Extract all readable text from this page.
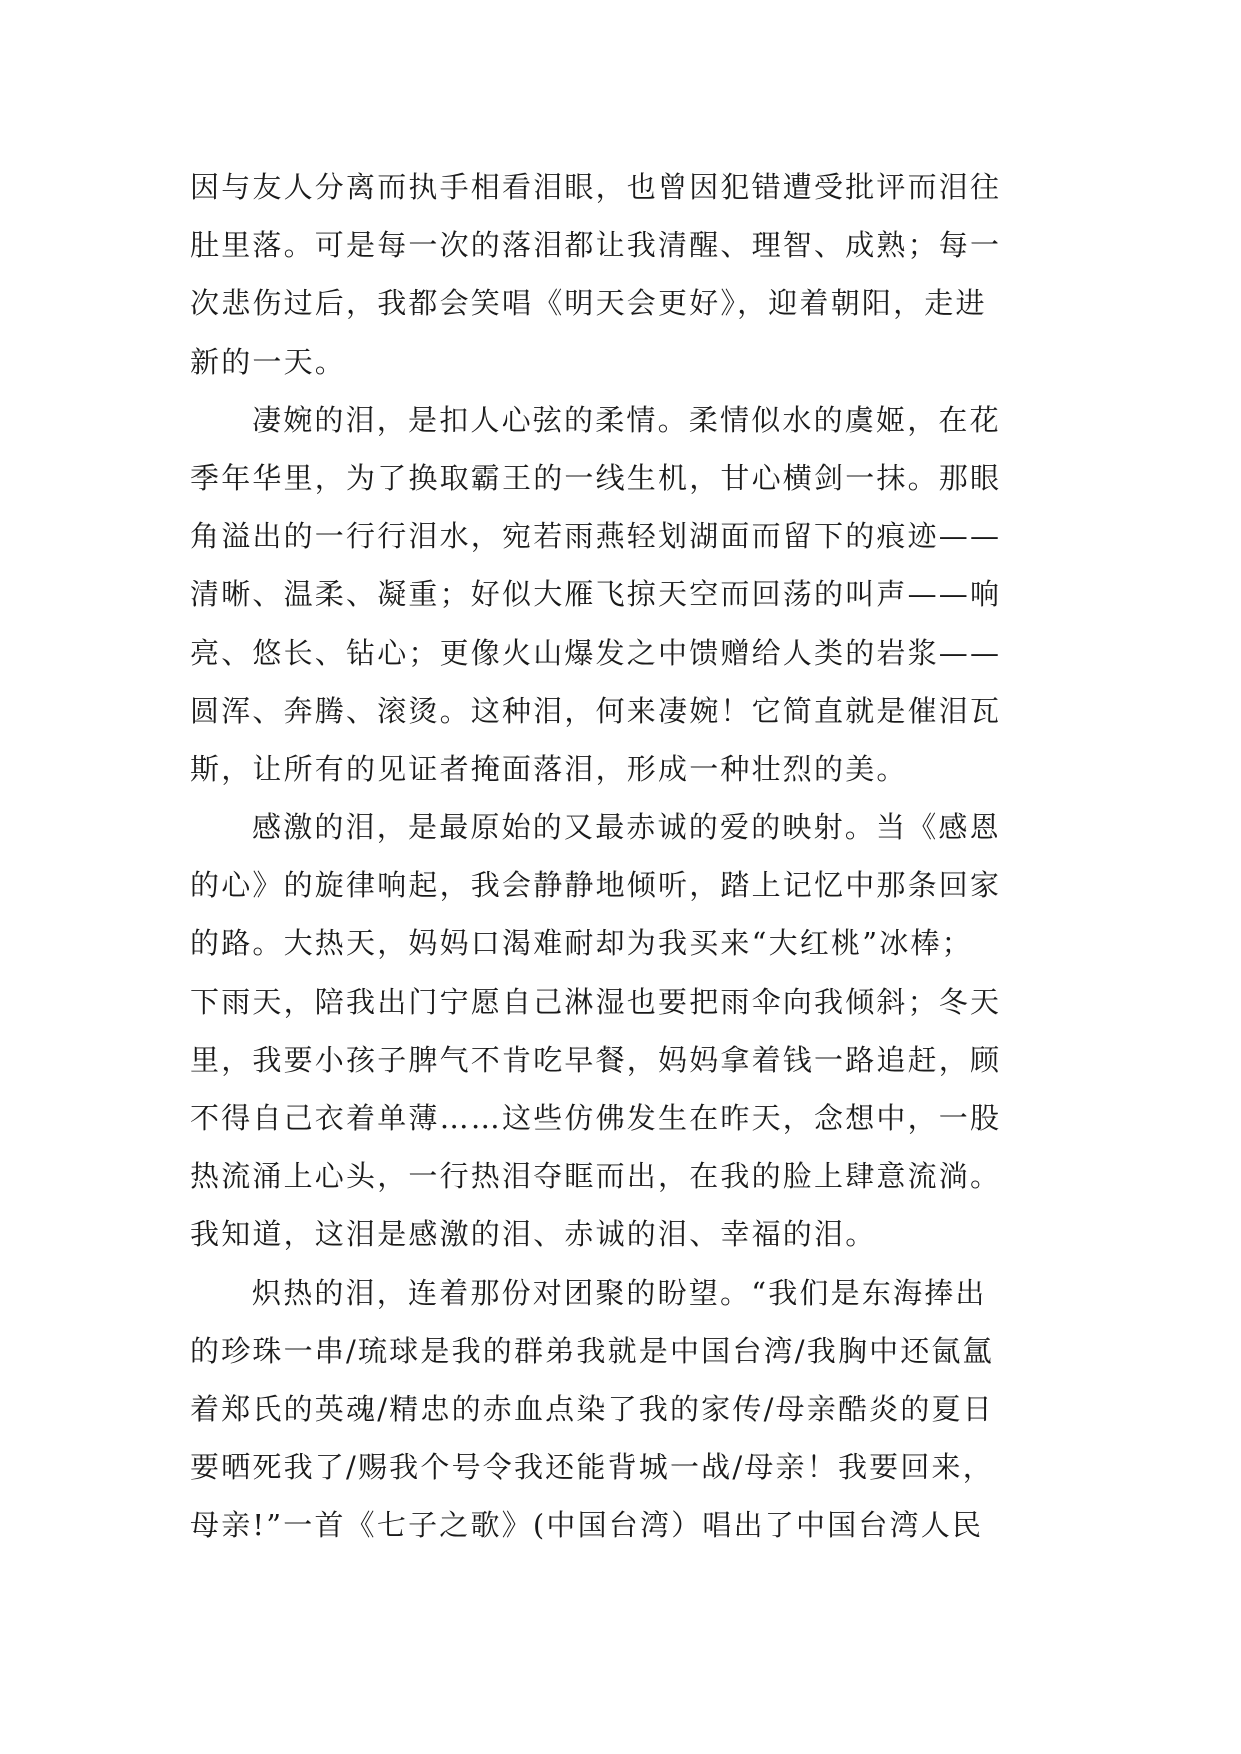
因与友人分离而执手相看泪眼，也曾因犯错遭受批评而泪往
肚里落。可是每一次的落泪都让我清醒、理智、成熟；每一
次悲伤过后，我都会笑唱《明天会更好》，迎着朝阳，走进
新的一天。
凄婉的泪，是扣人心弦的柔情。柔情似水的虞姬，在花
季年华里，为了换取霸王的一线生机，甘心横剑一抹。那眼
角溢出的一行行泪水，宛若雨燕轻划湖面而留下的痕迹——
清晰、温柔、凝重；好似大雁飞掠天空而回荡的叫声——响
亮、悠长、钻心；更像火山爆发之中馈赠给人类的岩浆——
圆浑、奔腾、滚烫。这种泪，何来凄婉！它简直就是催泪瓦
斯，让所有的见证者掩面落泪，形成一种壮烈的美。
感激的泪，是最原始的又最赤诚的爱的映射。当《感恩
的心》的旋律响起，我会静静地倾听，踏上记忆中那条回家
的路。大热天，妈妈口渴难耐却为我买来“大红桃”冰棒；
下雨天，陪我出门宁愿自己淋湿也要把雨伞向我倾斜；冬天
里，我要小孩子脾气不肯吃早餐，妈妈拿着钱一路追赶，顾
不得自己衣着单薄……这些仿佛发生在昨天，念想中，一股
热流涌上心头，一行热泪夺眶而出，在我的脸上肆意流淌。
我知道，这泪是感激的泪、赤诚的泪、幸福的泪。
炽热的泪，连着那份对团聚的盼望。“我们是东海捧出
的珍珠一串/琉球是我的群弟我就是中国台湾/我胸中还氤氲
着郑氏的英魂/精忠的赤血点染了我的家传/母亲酷炎的夏日
要晒死我了/赐我个号令我还能背城一战/母亲！我要回来，
母亲!”一首《七子之歌》(中国台湾）唱出了中国台湾人民
